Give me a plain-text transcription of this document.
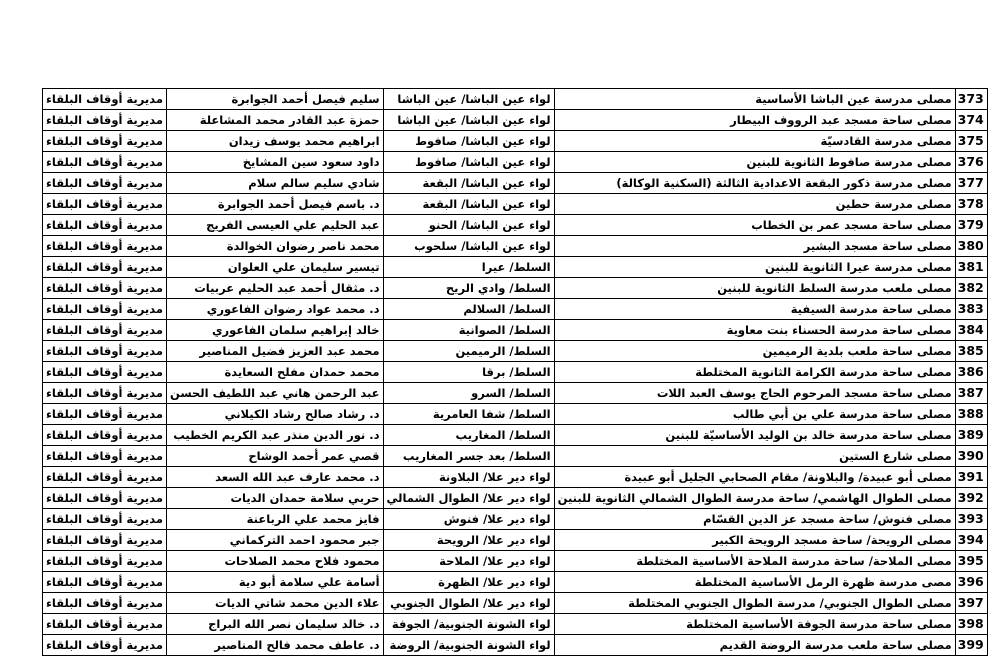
مديرية أوقاف البلقاء	سليم فيصل أحمد الجوابرة	لواء عين الباشا/ عين الباشا	مصلى مدرسة عين الباشا الأساسية	373
مديرية أوقاف البلقاء	حمزة عبد القادر محمد المشاعلة	لواء عين الباشا/ عين الباشا	مصلى ساحة مسجد عبد الرووف البيطار	374
مديرية أوقاف البلقاء	ابراهيم محمد يوسف زيدان	لواء عين الباشا/ صافوط	مصلى مدرسة القادسيّة	375
مديرية أوقاف البلقاء	داود سعود سين المشايخ	لواء عين الباشا/ صافوط	مصلى مدرسة صافوط الثانوية للبنين	376
مديرية أوقاف البلقاء	شادي سليم سالم سلام	لواء عين الباشا/ البقعة	مصلى مدرسة ذكور البقعة الاعدادية الثالثة (السكنية الوكالة)	377
مديرية أوقاف البلقاء	د. باسم فيصل أحمد الجوابرة	لواء عين الباشا/ البقعة	مصلى مدرسة حطين	378
مديرية أوقاف البلقاء	عبد الحليم علي العيسى الفريج	لواء عين الباشا/ الحنو	مصلى ساحة مسجد عمر بن الخطاب	379
مديرية أوقاف البلقاء	محمد ناصر رضوان الخوالدة	لواء عين الباشا/ سلحوب	مصلى ساحة مسجد البشير	380
مديرية أوقاف البلقاء	تيسير سليمان علي العلوان	السلط/ عيرا	مصلى مدرسة عيرا الثانوية للبنين	381
مديرية أوقاف البلقاء	د. مثقال أحمد عبد الحليم عربيات	السلط/ وادي الريح	مصلى ملعب مدرسة السلط الثانوية للبنين	382
مديرية أوقاف البلقاء	د. محمد عواد رضوان الفاعوري	السلط/ السلالم	مصلى ساحة مدرسة السيفية	383
مديرية أوقاف البلقاء	خالد إبراهيم سلمان الفاعوري	السلط/ الصوانية	مصلى ساحة مدرسة الحسناء بنت معاوية	384
مديرية أوقاف البلقاء	محمد عبد العزيز فضيل المناصير	السلط/ الرميمين	مصلى ساحة ملعب بلدية الرميمين	385
مديرية أوقاف البلقاء	محمد حمدان مفلح السعايدة	السلط/ برقا	مصلى ساحة مدرسة الكرامة الثانوية المختلطة	386
مديرية أوقاف البلقاء	عبد الرحمن هاني عبد اللطيف الحسن	السلط/ السرو	مصلى ساحة مسجد المرحوم الحاج يوسف العبد اللات	387
مديرية أوقاف البلقاء	د. رشاد صالح رشاد الكيلاني	السلط/ شفا العامرية	مصلى ساحة مدرسة علي بن أبي طالب	388
مديرية أوقاف البلقاء	د. نور الدين منذر عبد الكريم الخطيب	السلط/ المغاريب	مصلى ساحة مدرسة خالد بن الوليد الأساسيّة للبنين	389
مديرية أوقاف البلقاء	قصي عمر أحمد الوشاح	السلط/ بعد جسر المغاريب	مصلى شارع الستين	390
مديرية أوقاف البلقاء	د. محمد عارف عبد الله السعد	لواء دير علا/ البلاونة	مصلى أبو عبيدة/ والبلاونة/ مقام الصحابي الجليل أبو عبيدة	391
مديرية أوقاف البلقاء	حربي سلامة حمدان الديات	لواء دير علا/ الطوال الشمالي	مصلى الطوال الهاشمي/ ساحة مدرسة الطوال الشمالي الثانوية للبنين	392
مديرية أوقاف البلقاء	فايز محمد علي الرباعنة	لواء دير علا/ فنوش	مصلى فنوش/ ساحة مسجد عز الدين القسّام	393
مديرية أوقاف البلقاء	جبر محمود احمد التركماني	لواء دير علا/ الرويحة	مصلى الرويحة/ ساحة مسجد الرويحة الكبير	394
مديرية أوقاف البلقاء	محمود فلاح محمد الصلاحات	لواء دير علا/ الملاحة	مصلى الملاحة/ ساحة مدرسة الملاحة الأساسية المختلطة	395
مديرية أوقاف البلقاء	أسامة علي سلامة أبو دية	لواء دير علا/ الظهرة	مصى مدرسة ظهرة الرمل الأساسية المختلطة	396
مديرية أوقاف البلقاء	علاء الدين محمد شاتي الديات	لواء دير علا/ الطوال الجنوبي	مصلى الطوال الجنوبي/ مدرسة الطوال الجنوبي المختلطة	397
مديرية أوقاف البلقاء	د. خالد سليمان نصر الله البراج	لواء الشونة الجنوبية/ الجوفة	مصلى ساحة مدرسة الجوفة الأساسية المختلطة	398
مديرية أوقاف البلقاء	د. عاطف محمد فالح المناصير	لواء الشونة الجنوبية/ الروضة	مصلى ساحة ملعب مدرسة الروضة القديم	399
